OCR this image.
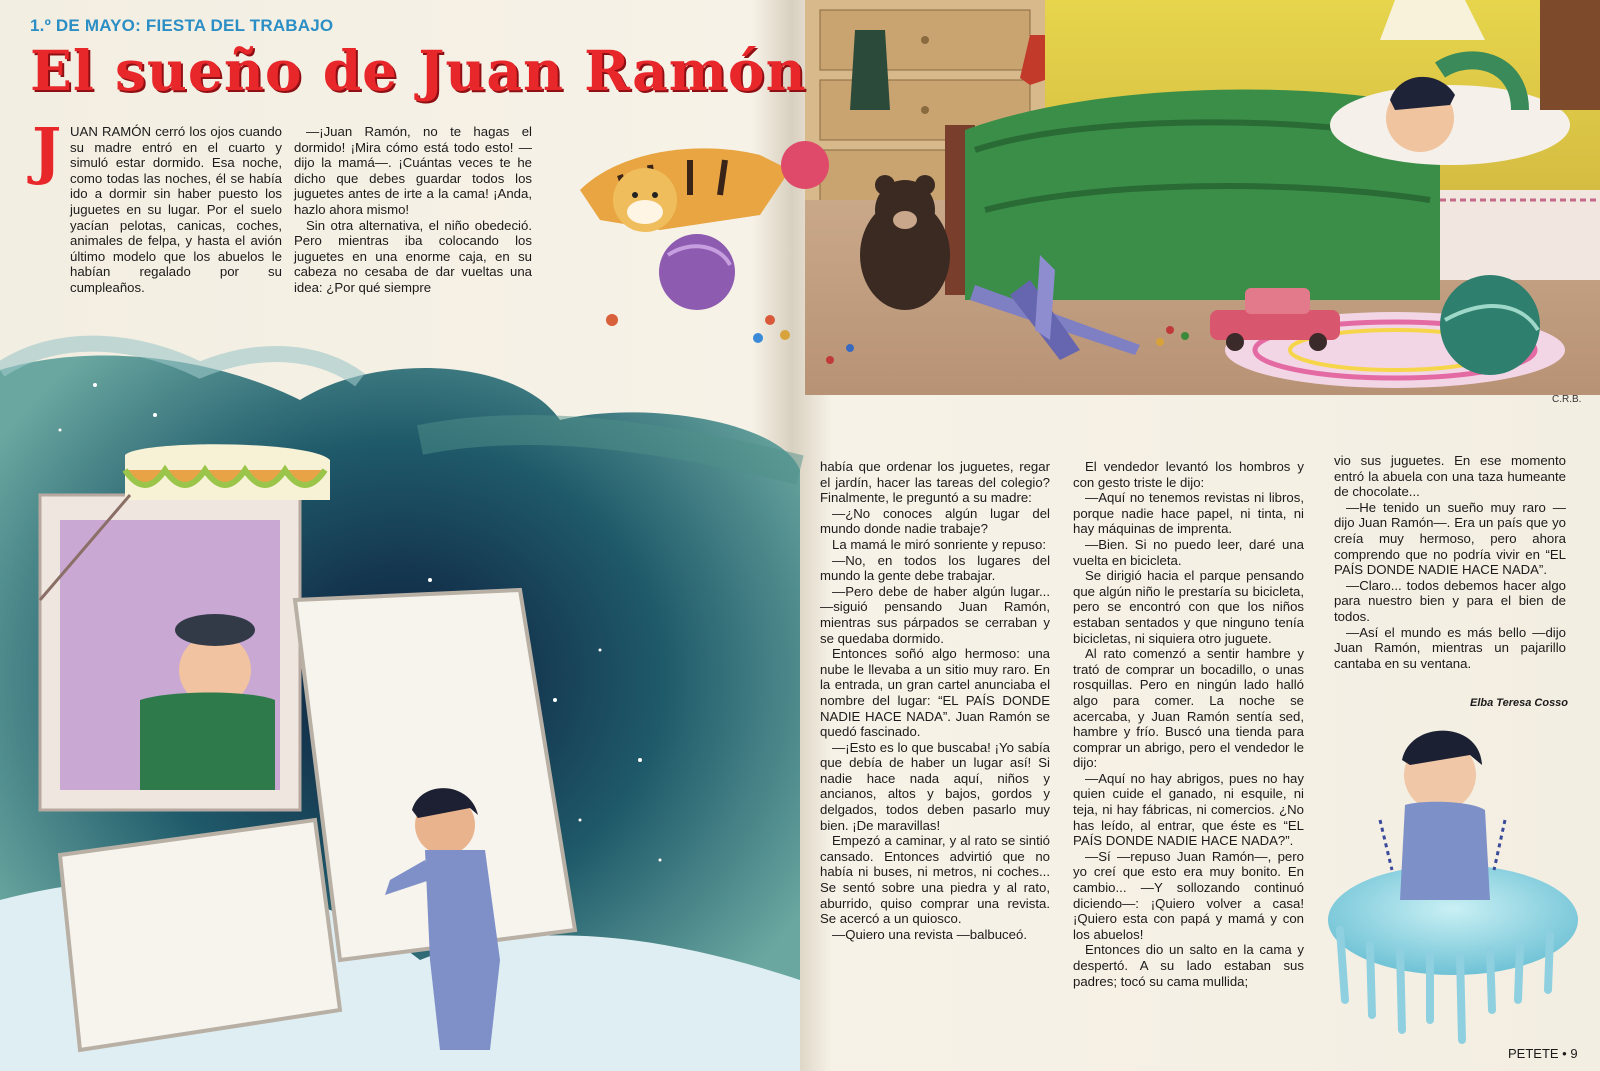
C.R.B.
1.º DE MAYO: FIESTA DEL TRABAJO
El sueño de Juan Ramón
J UAN RAMÓN cerró los ojos cuando su madre entró en el cuarto y simuló estar dormido. Esa noche, como todas las noches, él se había ido a dormir sin haber puesto los juguetes en su lugar. Por el suelo yacían pelotas, canicas, coches, animales de felpa, y hasta el avión último modelo que los abuelos le habían regalado por su cumpleaños.

—¡Juan Ramón, no te hagas el dormido! ¡Mira cómo está todo esto! —dijo la mamá—. ¡Cuántas veces te he dicho que debes guardar todos los juguetes antes de irte a la cama! ¡Anda, hazlo ahora mismo!

Sin otra alternativa, el niño obedeció. Pero mientras iba colocando los juguetes en una enorme caja, en su cabeza no cesaba de dar vueltas una idea: ¿Por qué siempre

había que ordenar los juguetes, regar el jardín, hacer las tareas del colegio? Finalmente, le preguntó a su madre:

—¿No conoces algún lugar del mundo donde nadie trabaje?

La mamá le miró sonriente y repuso:

—No, en todos los lugares del mundo la gente debe trabajar.

—Pero debe de haber algún lugar... —siguió pensando Juan Ramón, mientras sus párpados se cerraban y se quedaba dormido.

Entonces soñó algo hermoso: una nube le llevaba a un sitio muy raro. En la entrada, un gran cartel anunciaba el nombre del lugar: “EL PAÍS DONDE NADIE HACE NADA”. Juan Ramón se quedó fascinado.

—¡Esto es lo que buscaba! ¡Yo sabía que debía de haber un lugar así! Si nadie hace nada aquí, niños y ancianos, altos y bajos, gordos y delgados, todos deben pasarlo muy bien. ¡De maravillas!

Empezó a caminar, y al rato se sintió cansado. Entonces advirtió que no había ni buses, ni metros, ni coches... Se sentó sobre una piedra y al rato, aburrido, quiso comprar una revista. Se acercó a un quiosco.

—Quiero una revista —balbuceó.

El vendedor levantó los hombros y con gesto triste le dijo:

—Aquí no tenemos revistas ni libros, porque nadie hace papel, ni tinta, ni hay máquinas de imprenta.

—Bien. Si no puedo leer, daré una vuelta en bicicleta.

Se dirigió hacia el parque pensando que algún niño le prestaría su bicicleta, pero se encontró con que los niños estaban sentados y que ninguno tenía bicicletas, ni siquiera otro juguete.

Al rato comenzó a sentir hambre y trató de comprar un bocadillo, o unas rosquillas. Pero en ningún lado halló algo para comer. La noche se acercaba, y Juan Ramón sentía sed, hambre y frío. Buscó una tienda para comprar un abrigo, pero el vendedor le dijo:

—Aquí no hay abrigos, pues no hay quien cuide el ganado, ni esquile, ni teja, ni hay fábricas, ni comercios. ¿No has leído, al entrar, que éste es “EL PAÍS DONDE NADIE HACE NADA?”.

—Sí —repuso Juan Ramón—, pero yo creí que esto era muy bonito. En cambio... —Y sollozando continuó diciendo—: ¡Quiero volver a casa! ¡Quiero esta con papá y mamá y con los abuelos!

Entonces dio un salto en la cama y despertó. A su lado estaban sus padres; tocó su cama mullida;

vio sus juguetes. En ese momento entró la abuela con una taza humeante de chocolate...

—He tenido un sueño muy raro —dijo Juan Ramón—. Era un país que yo creía muy hermoso, pero ahora comprendo que no podría vivir en “EL PAÍS DONDE NADIE HACE NADA”.

—Claro... todos debemos hacer algo para nuestro bien y para el bien de todos.

—Así el mundo es más bello —dijo Juan Ramón, mientras un pajarillo cantaba en su ventana.

Elba Teresa Cosso
PETETE • 9
